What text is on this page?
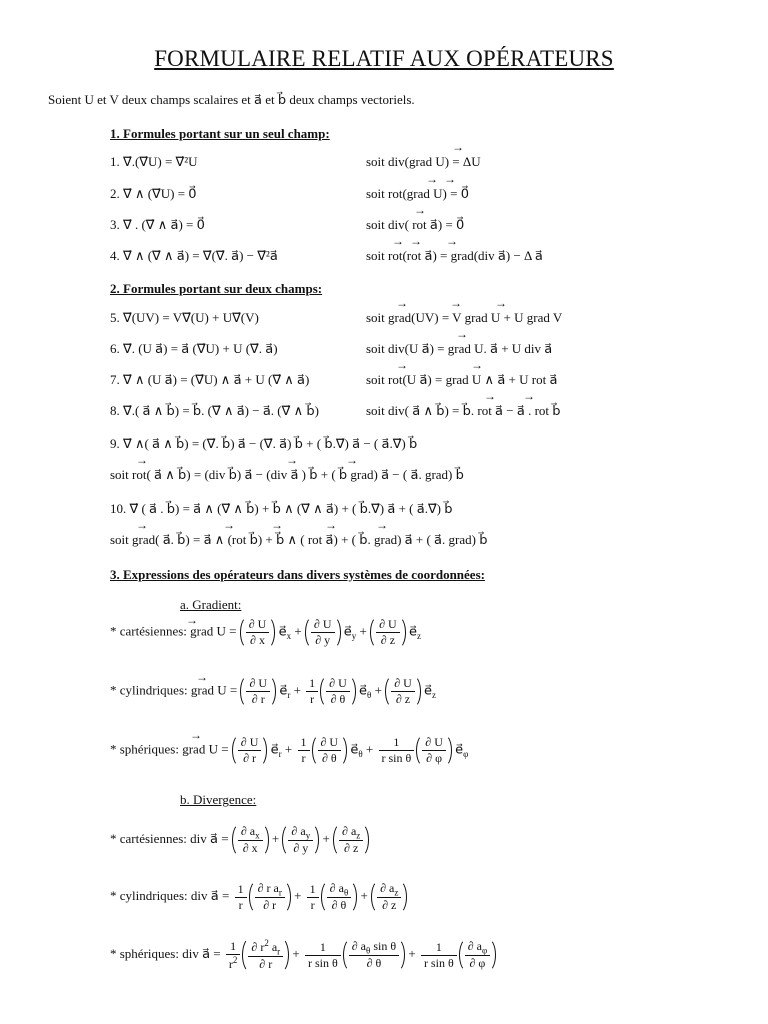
FORMULAIRE RELATIF AUX OPÉRATEURS
Soient U et V deux champs scalaires et a⃗ et b⃗ deux champs vectoriels.
1. Formules portant sur un seul champ:
→
1. ∇⃗.(∇⃗U) = ∇⃗²U	soit div(grad U) = ΔU
→  →
2. ∇⃗ ∧ (∇⃗U) = 0⃗	soit rot(grad U) = 0⃗
→
3. ∇⃗ . (∇⃗ ∧ a⃗) = 0⃗	soit div( rot a⃗) = 0⃗
→  →        →
4. ∇⃗ ∧ (∇⃗ ∧ a⃗) = ∇⃗(∇⃗. a⃗) − ∇⃗²a⃗	soit rot(rot a⃗) = grad(div a⃗) − Δ a⃗
2. Formules portant sur deux champs:
→              →           →
5. ∇⃗(UV) = V∇⃗(U) + U∇⃗(V)	soit grad(UV) = V grad U + U grad V
→
6. ∇⃗. (U a⃗) = a⃗ (∇⃗U) + U (∇⃗. a⃗)	soit div(U a⃗) = grad U. a⃗ + U div a⃗
→                     →
7. ∇⃗ ∧ (U a⃗) = (∇⃗U) ∧ a⃗ + U (∇⃗ ∧ a⃗)	soit rot(U a⃗) = grad U ∧ a⃗ + U rot a⃗
→         →
8. ∇⃗.( a⃗ ∧ b⃗) = b⃗. (∇⃗ ∧ a⃗) − a⃗. (∇⃗ ∧ b⃗)	soit div( a⃗ ∧ b⃗) = b⃗. rot a⃗ − a⃗ . rot b⃗
9. ∇⃗ ∧( a⃗ ∧ b⃗) = (∇⃗. b⃗) a⃗ − (∇⃗. a⃗) b⃗ + ( b⃗.∇⃗) a⃗ − ( a⃗.∇⃗) b⃗
→                                              →                →
soit rot( a⃗ ∧ b⃗) = (div b⃗) a⃗ − (div a⃗ ) b⃗ + ( b⃗ grad) a⃗ − ( a⃗. grad) b⃗
10. ∇⃗ ( a⃗ . b⃗) = a⃗ ∧ (∇⃗ ∧ b⃗) + b⃗ ∧ (∇⃗ ∧ a⃗) + ( b⃗.∇⃗) a⃗ + ( a⃗.∇⃗) b⃗
→                         →            →              →             →
soit grad( a⃗. b⃗) = a⃗ ∧ (rot b⃗) + b⃗ ∧ ( rot a⃗) + ( b⃗. grad) a⃗ + ( a⃗. grad) b⃗
3. Expressions des opérateurs dans divers systèmes de coordonnées:
a. Gradient:
→
* cartésiennes: grad $U = \frac{\partial U}{\partial x}$ $e⃗_x + \frac{\partial U}{\partial y}$ $e⃗_y + \frac{\partial U}{\partial z}$ $e⃗_z$
→
* cylindriques: grad $U = \frac{\partial U}{\partial r}$ $e⃗_r + \frac{1}{r} \frac{\partial U}{\partial \theta}$ $e⃗_\theta + \frac{\partial U}{\partial z}$ $e⃗_z$
→
* sphériques: grad $U = \frac{\partial U}{\partial r}$ $e⃗_r + \frac{1}{r} \frac{\partial U}{\partial \theta}$ $e⃗_\theta + \frac{1}{\text{r sin θ}} \frac{\partial U}{\partial \varphi}$ $e⃗_\varphi$
b. Divergence:
* cartésiennes: div a⃗ = $\frac{\partial a_x}{\partial x} + \frac{\partial a_y}{\partial y} + \frac{\partial a_z}{\partial z}$
* cylindriques: div a⃗ = $\frac{1}{r} \frac{\partial r a_r}{\partial r} + \frac{1}{r} \frac{\partial a_\theta}{\partial \theta} + \frac{\partial a_z}{\partial z}$
* sphériques: div a⃗ = $\frac{1}{r^2} \frac{\partial r^2 a_r}{\partial r} + \frac{1}{\text{r sin θ}} \frac{\partial a_\theta \sin \theta}{\partial \theta} + \frac{1}{\text{r sin θ}} \frac{\partial a_\varphi}{\partial \varphi}$
